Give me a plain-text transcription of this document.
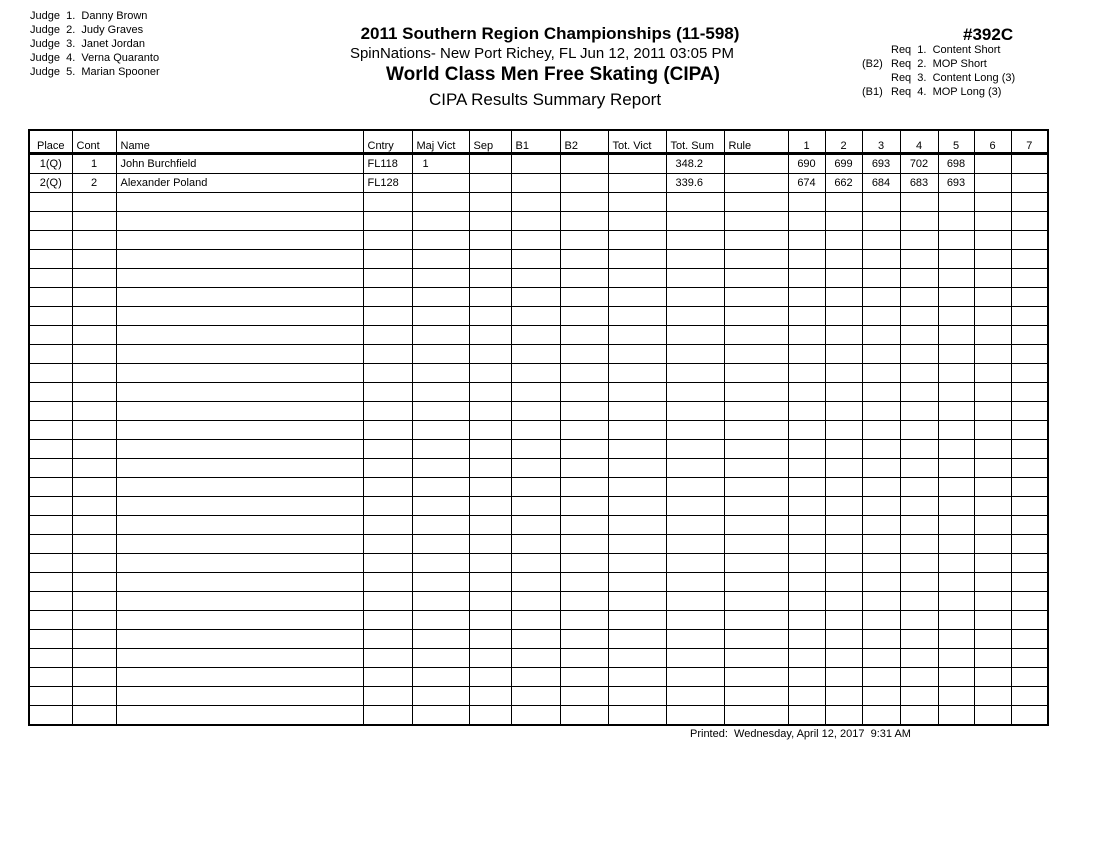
Judge  1. Danny Brown
Judge  2. Judy Graves
Judge  3. Janet Jordan
Judge  4. Verna Quaranto
Judge  5. Marian Spooner
2011 Southern Region Championships (11-598)
SpinNations- New Port Richey, FL Jun 12, 2011 03:05 PM
World Class Men Free Skating (CIPA)
CIPA Results Summary Report
#392C
Req  1.  Content Short
(B2) Req  2.  MOP Short
Req  3.  Content Long (3)
(B1) Req  4.  MOP Long (3)
Place	Cont	Name	Cntry	Maj Vict	Sep	B1	B2	Tot. Vict	Tot. Sum	Rule	1	2	3	4	5	6	7
1(Q)	1	John Burchfield	FL118	1					348.2		690	699	693	702	698		
2(Q)	2	Alexander Poland	FL128						339.6		674	662	684	683	693		

Printed:  Wednesday, April 12, 2017  9:31 AM
